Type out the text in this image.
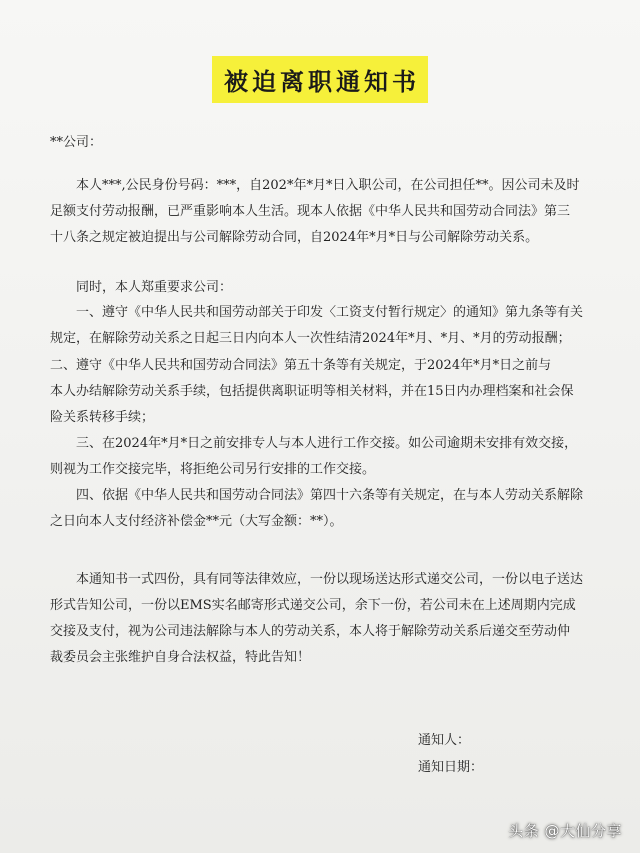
被迫离职通知书
**公司：
本人***,公民身份号码：***，自202*年*月*日入职公司，在公司担任**。因公司未及时
足额支付劳动报酬，已严重影响本人生活。现本人依据《中华人民共和国劳动合同法》第三
十八条之规定被迫提出与公司解除劳动合同，自2024年*月*日与公司解除劳动关系。
同时，本人郑重要求公司：
一、遵守《中华人民共和国劳动部关于印发〈工资支付暂行规定〉的通知》第九条等有关
规定，在解除劳动关系之日起三日内向本人一次性结清2024年*月、*月、*月的劳动报酬；
二、遵守《中华人民共和国劳动合同法》第五十条等有关规定，于2024年*月*日之前与
本人办结解除劳动关系手续，包括提供离职证明等相关材料，并在15日内办理档案和社会保
险关系转移手续；
三、在2024年*月*日之前安排专人与本人进行工作交接。如公司逾期未安排有效交接，
则视为工作交接完毕，将拒绝公司另行安排的工作交接。
四、依据《中华人民共和国劳动合同法》第四十六条等有关规定，在与本人劳动关系解除
之日向本人支付经济补偿金**元（大写金额：**）。
本通知书一式四份，具有同等法律效应，一份以现场送达形式递交公司，一份以电子送达
形式告知公司，一份以EMS实名邮寄形式递交公司，余下一份，若公司未在上述周期内完成
交接及支付，视为公司违法解除与本人的劳动关系，本人将于解除劳动关系后递交至劳动仲
裁委员会主张维护自身合法权益，特此告知！
通知人：
通知日期：
头条 @大仙分享
